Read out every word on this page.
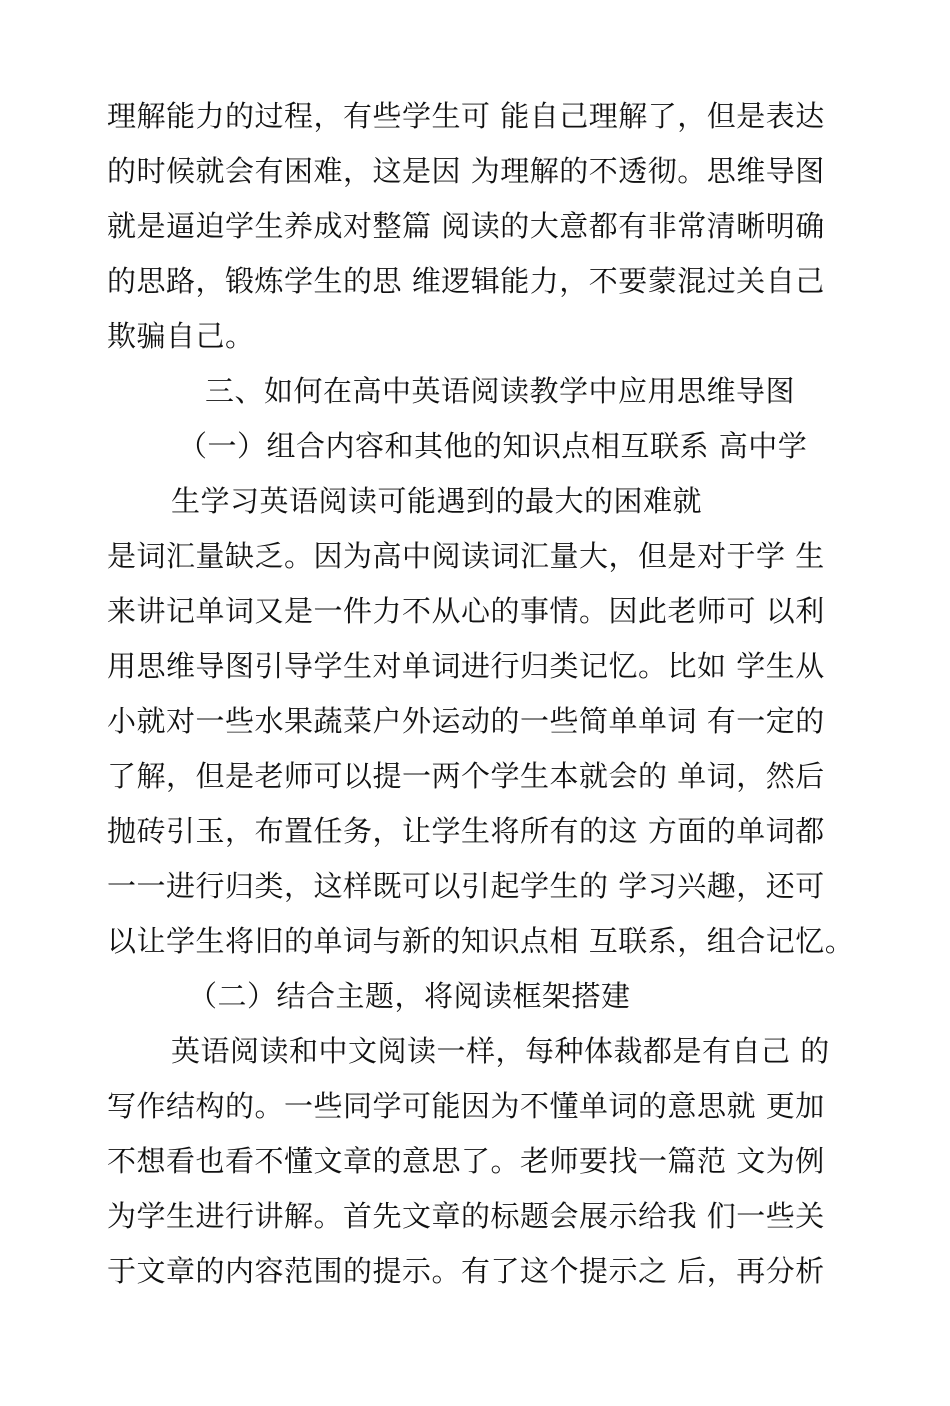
理解能力的过程，有些学生可 能自己理解了，但是表达
的时候就会有困难，这是因 为理解的不透彻。思维导图
就是逼迫学生养成对整篇 阅读的大意都有非常清晰明确
的思路，锻炼学生的思 维逻辑能力，不要蒙混过关自己
欺骗自己。
三、如何在高中英语阅读教学中应用思维导图
（一）组合内容和其他的知识点相互联系 高中学
生学习英语阅读可能遇到的最大的困难就
是词汇量缺乏。因为高中阅读词汇量大，但是对于学 生
来讲记单词又是一件力不从心的事情。因此老师可 以利
用思维导图引导学生对单词进行归类记忆。比如 学生从
小就对一些水果蔬菜户外运动的一些简单单词 有一定的
了解，但是老师可以提一两个学生本就会的 单词，然后
抛砖引玉，布置任务，让学生将所有的这 方面的单词都
一一进行归类，这样既可以引起学生的 学习兴趣，还可
以让学生将旧的单词与新的知识点相 互联系，组合记忆。
（二）结合主题，将阅读框架搭建
英语阅读和中文阅读一样，每种体裁都是有自己 的
写作结构的。一些同学可能因为不懂单词的意思就 更加
不想看也看不懂文章的意思了。老师要找一篇范 文为例
为学生进行讲解。首先文章的标题会展示给我 们一些关
于文章的内容范围的提示。有了这个提示之 后，再分析
